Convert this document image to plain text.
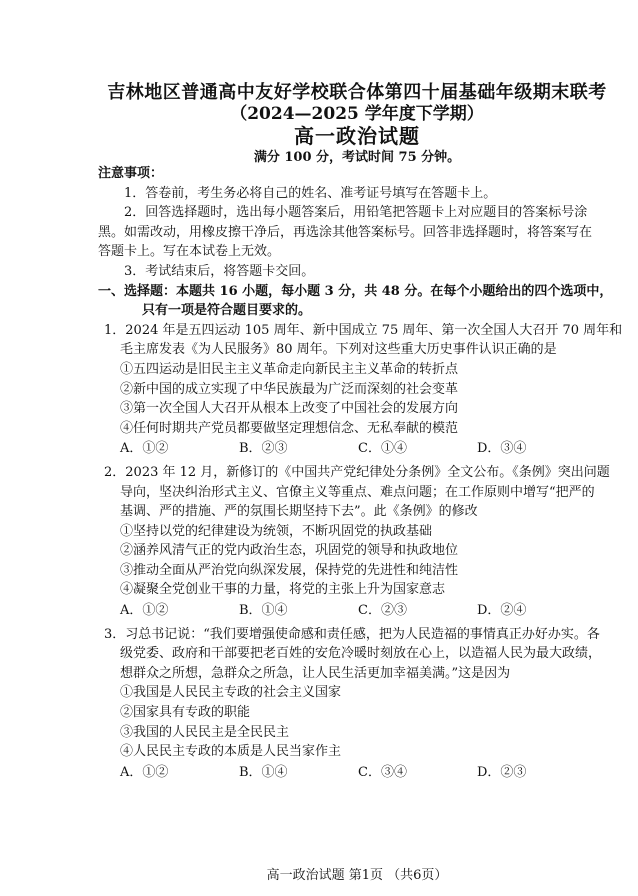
吉林地区普通高中友好学校联合体第四十届基础年级期末联考
（2024—2025 学年度下学期）
高一政治试题
满分 100 分，考试时间 75 分钟。

注意事项：

1．答卷前，考生务必将自己的姓名、准考证号填写在答题卡上。

2．回答选择题时，选出每小题答案后，用铅笔把答题卡上对应题目的答案标号涂

黑。如需改动，用橡皮擦干净后，再选涂其他答案标号。回答非选择题时，将答案写在

答题卡上。写在本试卷上无效。

3．考试结束后，将答题卡交回。

一、选择题：本题共 16 小题，每小题 3 分，共 48 分。在每个小题给出的四个选项中，

只有一项是符合题目要求的。

1．2024 年是五四运动 105 周年、新中国成立 75 周年、第一次全国人大召开 70 周年和

毛主席发表《为人民服务》80 周年。下列对这些重大历史事件认识正确的是
①五四运动是旧民主主义革命走向新民主主义革命的转折点
②新中国的成立实现了中华民族最为广泛而深刻的社会变革
③第一次全国人大召开从根本上改变了中国社会的发展方向
④任何时期共产党员都要做坚定理想信念、无私奉献的模范
A．①②	B．②③	C．①④	D．③④

2．2023 年 12 月，新修订的《中国共产党纪律处分条例》全文公布。《条例》突出问题

导向，坚决纠治形式主义、官僚主义等重点、难点问题；在工作原则中增写“把严的
基调、严的措施、严的氛围长期坚持下去”。此《条例》的修改
①坚持以党的纪律建设为统领，不断巩固党的执政基础
②涵养风清气正的党内政治生态，巩固党的领导和执政地位
③推动全面从严治党向纵深发展，保持党的先进性和纯洁性
④凝聚全党创业干事的力量，将党的主张上升为国家意志
A．①②	B．①④	C．②③	D．②④

3．习总书记说：“我们要增强使命感和责任感，把为人民造福的事情真正办好办实。各

级党委、政府和干部要把老百姓的安危冷暖时刻放在心上，以造福人民为最大政绩，
想群众之所想，急群众之所急，让人民生活更加幸福美满。”这是因为
①我国是人民民主专政的社会主义国家
②国家具有专政的职能
③我国的人民民主是全民民主
④人民民主专政的本质是人民当家作主
A．①②	B．①④	C．③④	D．②③
高一政治试题 第1页 （共6页）
